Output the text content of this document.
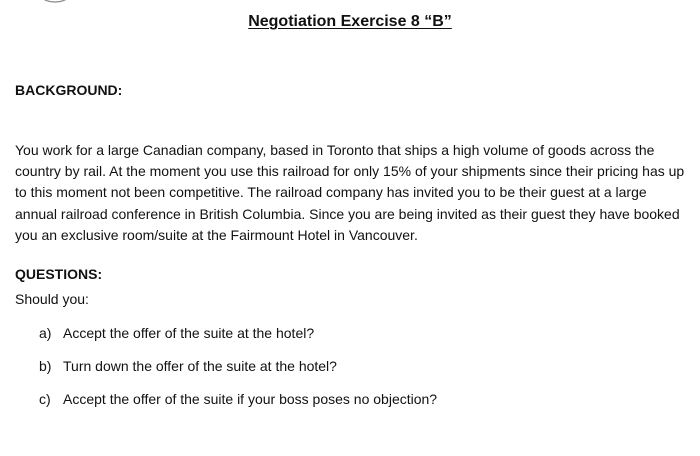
Negotiation Exercise 8 “B”
BACKGROUND:

You work for a large Canadian company, based in Toronto that ships a high volume of goods across the country by rail. At the moment you use this railroad for only 15% of your shipments since their pricing has up to this moment not been competitive. The railroad company has invited you to be their guest at a large annual railroad conference in British Columbia. Since you are being invited as their guest they have booked you an exclusive room/suite at the Fairmount Hotel in Vancouver.

QUESTIONS:
Should you:
a) Accept the offer of the suite at the hotel?
b) Turn down the offer of the suite at the hotel?
c) Accept the offer of the suite if your boss poses no objection?
